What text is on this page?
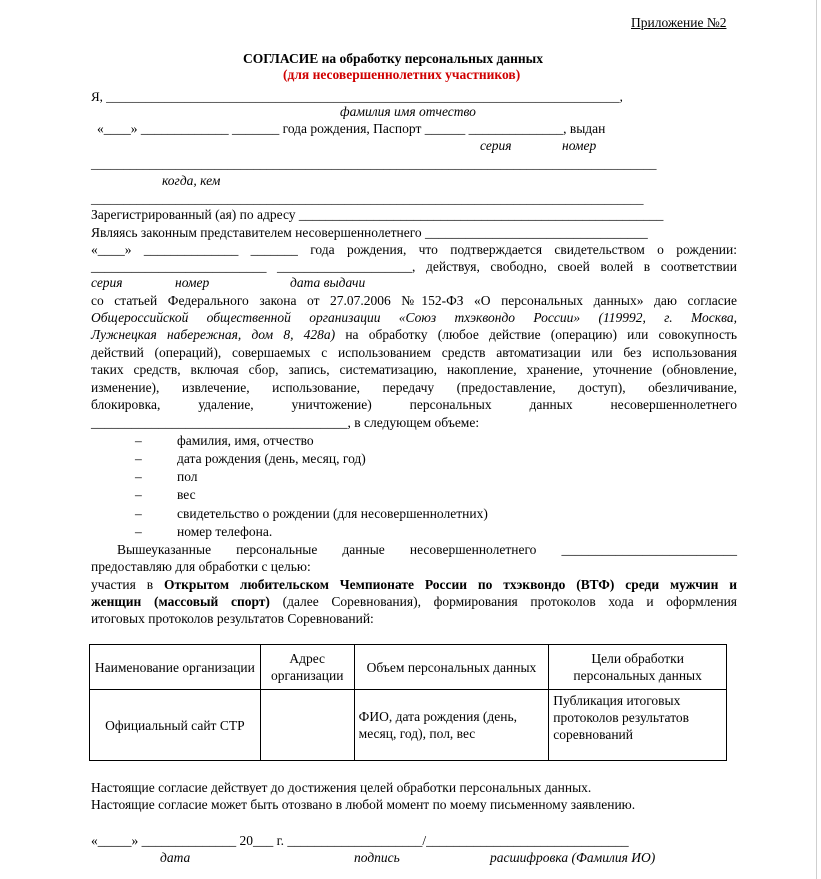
Приложение №2
СОГЛАСИЕ на обработку персональных данных
(для несовершеннолетних участников)
Я, _______________________________________________________________________________,
фамилия имя отчество
«____» _____________ _______ года рождения, Паспорт ______ ______________, выдан
серия	номер
_______________________________________________________________________________________
когда, кем
_____________________________________________________________________________________
Зарегистрированный (ая) по адресу ______________________________________________________
Являясь законным представителем несовершеннолетнего _________________________________
«____» ______________ _______ года рождения, что подтверждается свидетельством о рождении:
__________________________ ____________________, действуя, свободно, своей волей в соответствии
серия	номер	дата выдачи
со статьей Федерального закона от 27.07.2006 №152-ФЗ «О персональных данных» даю согласие
Общероссийской общественной организации «Союз тхэквондо России» (119992, г. Москва,
Лужнецкая набережная, дом 8, 428а) на обработку (любое действие (операцию) или совокупность
действий (операций), совершаемых с использованием средств автоматизации или без использования
таких средств, включая сбор, запись, систематизацию, накопление, хранение, уточнение (обновление,
изменение), извлечение, использование, передачу (предоставление, доступ), обезличивание,
блокировка, удаление, уничтожение) персональных данных несовершеннолетнего
______________________________________, в следующем объеме:
–	фамилия, имя, отчество
–	дата рождения (день, месяц, год)
–	пол
–	вес
–	свидетельство о рождении (для несовершеннолетних)
–	номер телефона.
Вышеуказанные персональные данные несовершеннолетнего __________________________
предоставляю для обработки с целью:
участия в Открытом любительском Чемпионате России по тхэквондо (ВТФ) среди мужчин и
женщин (массовый спорт) (далее Соревнования), формирования протоколов хода и оформления
итоговых протоколов результатов Соревнований:
Наименование организации	Адрес организации	Объем персональных данных	Цели обработки персональных данных
Официальный сайт СТР		ФИО, дата рождения (день, месяц, год), пол, вес	Публикация итоговых протоколов результатов соревнований
Настоящие согласие действует до достижения целей обработки персональных данных.
Настоящие согласие может быть отозвано в любой момент по моему письменному заявлению.
«_____» ______________ 20___ г. ____________________/______________________________
дата	подпись	расшифровка (Фамилия ИО)
